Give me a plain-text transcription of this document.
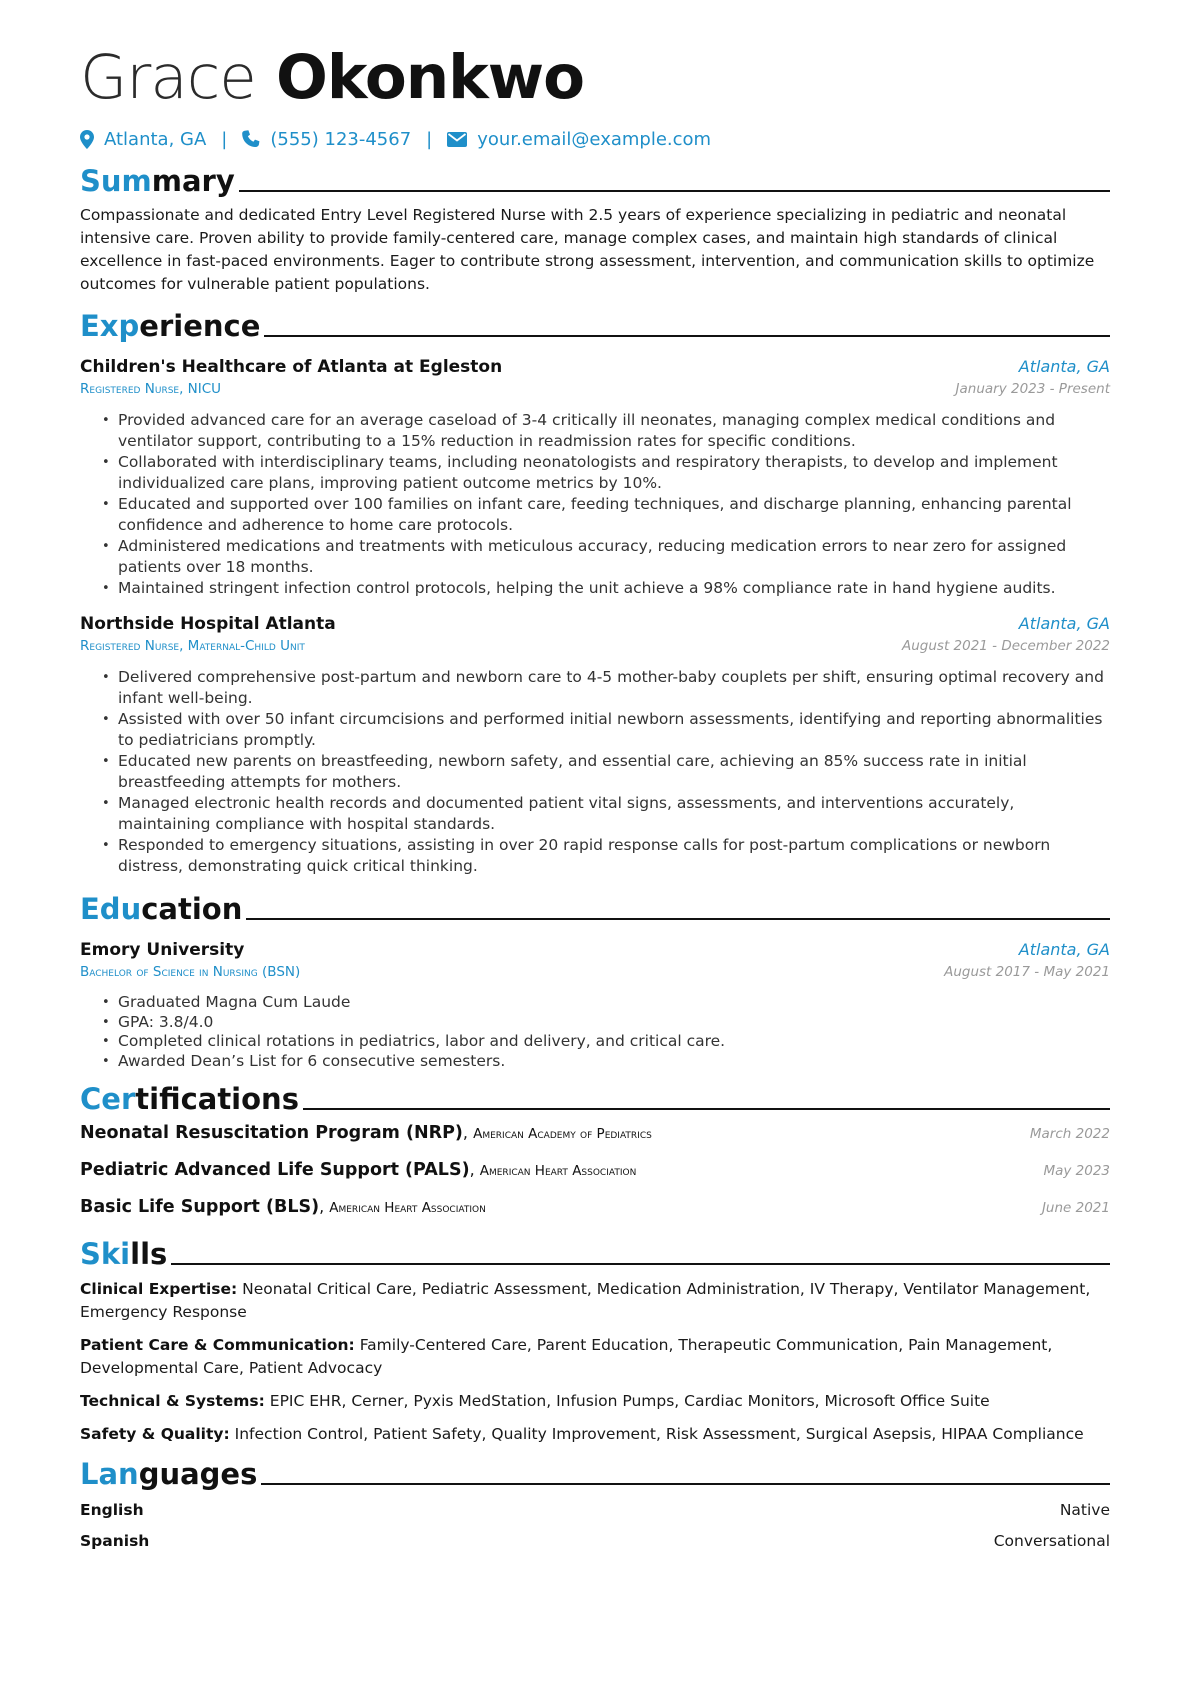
Grace Okonkwo
Atlanta, GA | (555) 123-4567 |	your.email@example.com
Summary
Compassionate and dedicated Entry Level Registered Nurse with 2.5 years of experience specializing in pediatric and neonatal intensive care. Proven ability to provide family-centered care, manage complex cases, and maintain high standards of clinical excellence in fast-paced environments. Eager to contribute strong assessment, intervention, and communication skills to optimize outcomes for vulnerable patient populations.
Experience
Children's Healthcare of Atlanta at Egleston	Atlanta, GA
Registered Nurse, NICU	January 2023 - Present
• Provided advanced care for an average caseload of 3-4 critically ill neonates, managing complex medical conditions and ventilator support, contributing to a 15% reduction in readmission rates for specific conditions.
• Collaborated with interdisciplinary teams, including neonatologists and respiratory therapists, to develop and implement individualized care plans, improving patient outcome metrics by 10%.
• Educated and supported over 100 families on infant care, feeding techniques, and discharge planning, enhancing parental confidence and adherence to home care protocols.
• Administered medications and treatments with meticulous accuracy, reducing medication errors to near zero for assigned patients over 18 months.
• Maintained stringent infection control protocols, helping the unit achieve a 98% compliance rate in hand hygiene audits.
Northside Hospital Atlanta	Atlanta, GA
Registered Nurse, Maternal-Child Unit	August 2021 - December 2022
• Delivered comprehensive post-partum and newborn care to 4-5 mother-baby couplets per shift, ensuring optimal recovery and infant well-being.
• Assisted with over 50 infant circumcisions and performed initial newborn assessments, identifying and reporting abnormalities to pediatricians promptly.
• Educated new parents on breastfeeding, newborn safety, and essential care, achieving an 85% success rate in initial breastfeeding attempts for mothers.
• Managed electronic health records and documented patient vital signs, assessments, and interventions accurately, maintaining compliance with hospital standards.
• Responded to emergency situations, assisting in over 20 rapid response calls for post-partum complications or newborn distress, demonstrating quick critical thinking.
Education
Emory University	Atlanta, GA
Bachelor of Science in Nursing (BSN)	August 2017 - May 2021
• Graduated Magna Cum Laude
• GPA: 3.8/4.0
• Completed clinical rotations in pediatrics, labor and delivery, and critical care.
• Awarded Dean’s List for 6 consecutive semesters.
Certifications
Neonatal Resuscitation Program (NRP), American Academy of Pediatrics	March 2022
Pediatric Advanced Life Support (PALS), American Heart Association	May 2023
Basic Life Support (BLS), American Heart Association	June 2021
Skills
Clinical Expertise: Neonatal Critical Care, Pediatric Assessment, Medication Administration, IV Therapy, Ventilator Management, Emergency Response
Patient Care & Communication: Family-Centered Care, Parent Education, Therapeutic Communication, Pain Management, Developmental Care, Patient Advocacy
Technical & Systems: EPIC EHR, Cerner, Pyxis MedStation, Infusion Pumps, Cardiac Monitors, Microsoft Office Suite
Safety & Quality: Infection Control, Patient Safety, Quality Improvement, Risk Assessment, Surgical Asepsis, HIPAA Compliance
Languages
English	Native
Spanish	Conversational
